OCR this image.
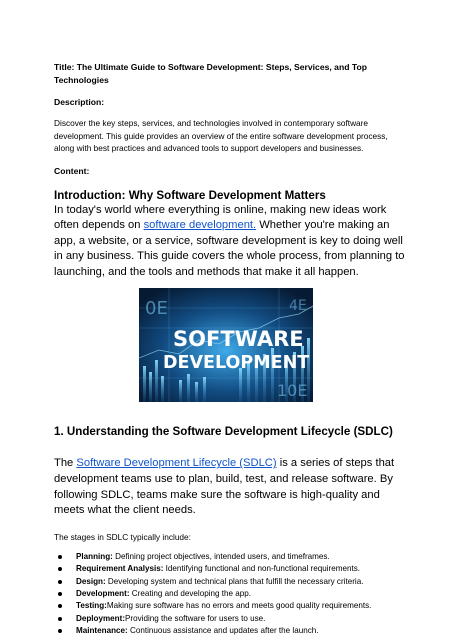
Title: The Ultimate Guide to Software Development: Steps, Services, and Top Technologies

Description:

Discover the key steps, services, and technologies involved in contemporary software development. This guide provides an overview of the entire software development process, along with best practices and advanced tools to support developers and businesses.

Content:

Introduction: Why Software Development Matters

In today's world where everything is online, making new ideas work often depends on software development. Whether you're making an app, a website, or a service, software development is key to doing well in any business. This guide covers the whole process, from planning to launching, and the tools and methods that make it all happen.

0E
10E
4E
SOFTWARE
DEVELOPMENT

1. Understanding the Software Development Lifecycle (SDLC)

The Software Development Lifecycle (SDLC) is a series of steps that development teams use to plan, build, test, and release software. By following SDLC, teams make sure the software is high-quality and meets what the client needs.

The stages in SDLC typically include:

Planning: Defining project objectives, intended users, and timeframes.
Requirement Analysis: Identifying functional and non-functional requirements.
Design: Developing system and technical plans that fulfill the necessary criteria.
Development: Creating and developing the app.
Testing:Making sure software has no errors and meets good quality requirements.
Deployment:Providing the software for users to use.
Maintenance: Continuous assistance and updates after the launch.
